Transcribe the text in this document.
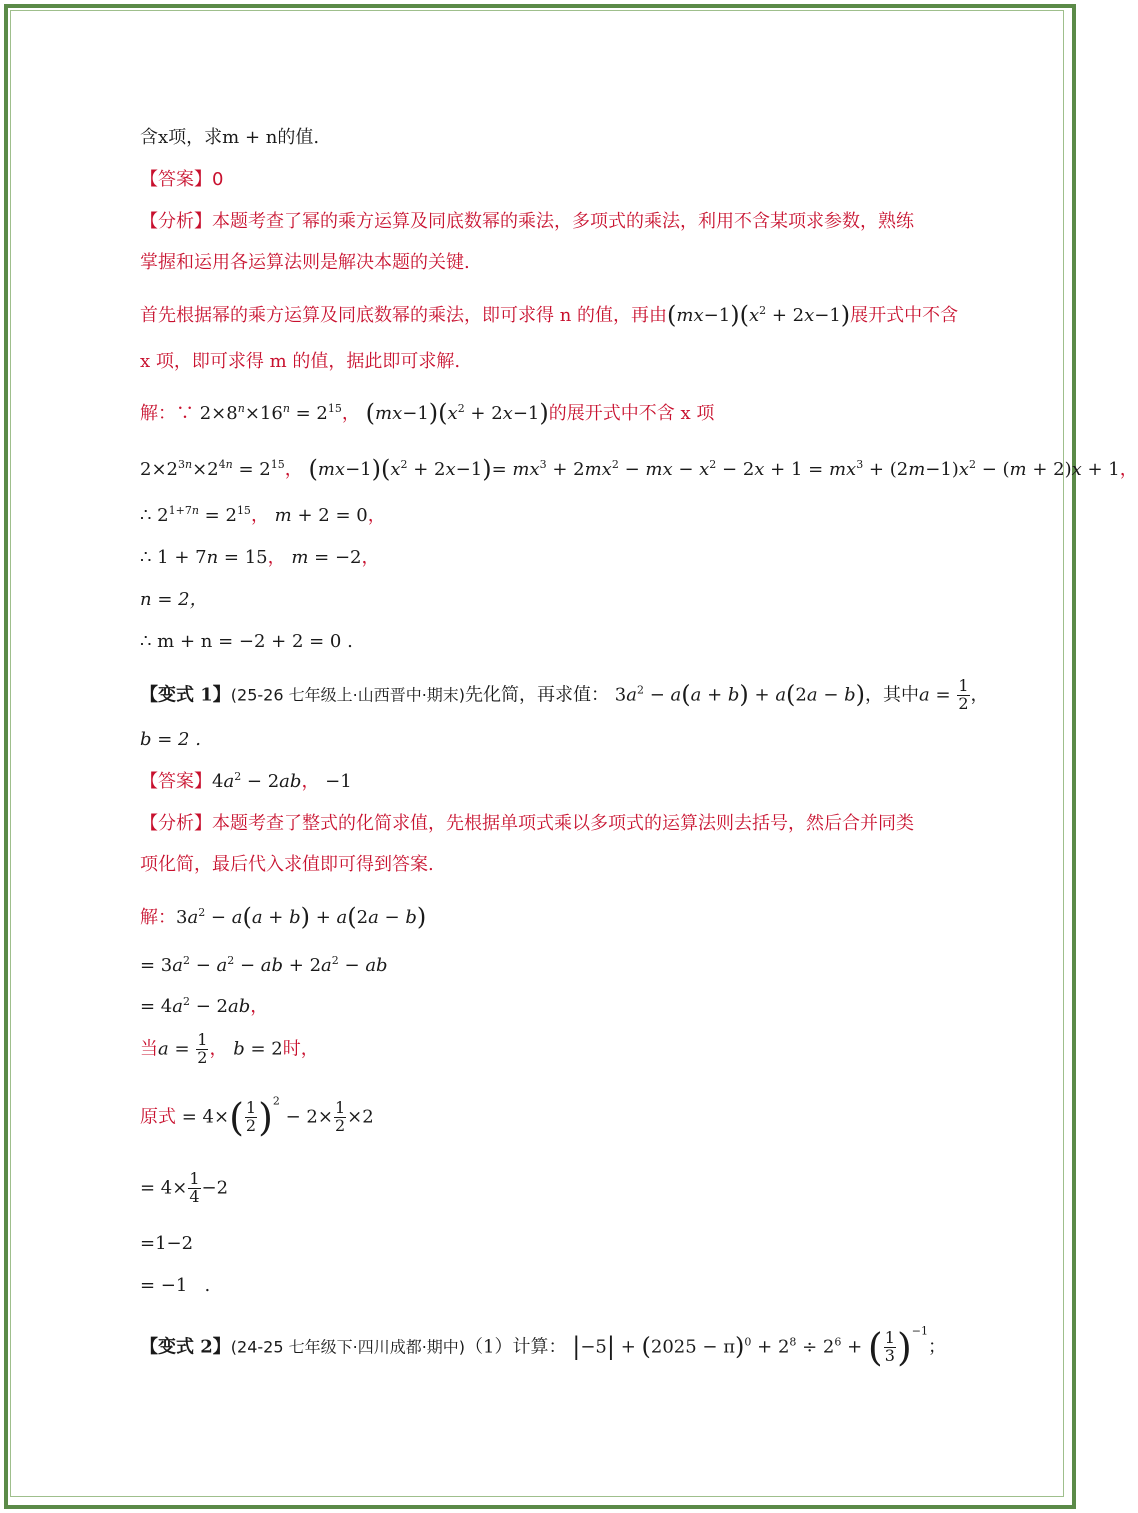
含x项，求m + n的值.
【答案】0
【分析】本题考查了幂的乘方运算及同底数幂的乘法，多项式的乘法，利用不含某项求参数，熟练
掌握和运用各运算法则是解决本题的关键.
首先根据幂的乘方运算及同底数幂的乘法，即可求得 n 的值，再由$(mx-1)(x^2 + 2x-1)$展开式中不含
x 项，即可求得 m 的值，据此即可求解.
解：∵ $2\times 8^n\times 16^n = 2^{15}$， $(mx-1)(x^2 + 2x-1)$的展开式中不含 x 项
$2\times 2^{3n}\times 2^{4n} = 2^{15}$， $(mx-1)(x^2 + 2x-1)= mx^3 + 2mx^2$ − mx − $x^2 - 2x + 1 = mx^3 + (2m-1)x^2 - (m + 2)x + 1$，
∴ $2^{1+7n} = 2^{15}$， m + 2 = 0，
∴ 1 + 7n = 15， m = −2，
n = 2，
∴ m + n = −2 + 2 = 0 .
【变式 1】(25-26 七年级上·山西晋中·期末)先化简，再求值： $3a^2 - a(a + b) + a(2a - b)$，其中$a = \frac{1}{2}$ ，
b = 2 .
【答案】$4a^2 - 2ab$， −1
【分析】本题考查了整式的化简求值，先根据单项式乘以多项式的运算法则去括号，然后合并同类
项化简，最后代入求值即可得到答案.
解：$3a^2 - a(a + b) + a(2a - b)$
= $3a^2 - a^2$ − ab + $2a^2$ − ab
= $4a^2 - 2ab$，
当$a = \frac{1}{2}$ ， b = 2时，
原式 = $4\times( \frac{1}{2} )^2 - 2\times \frac{1}{2} \times 2$
= $4\times \frac{1}{4} -2$
=1−2
= −1   .
【变式 2】(24-25 七年级下·四川成都·期中)（1）计算： $|-5| + (2025 - \pi)^0 + 2^8 \div 2^6$ + ( $\frac{1}{3} )^{-1}$；
